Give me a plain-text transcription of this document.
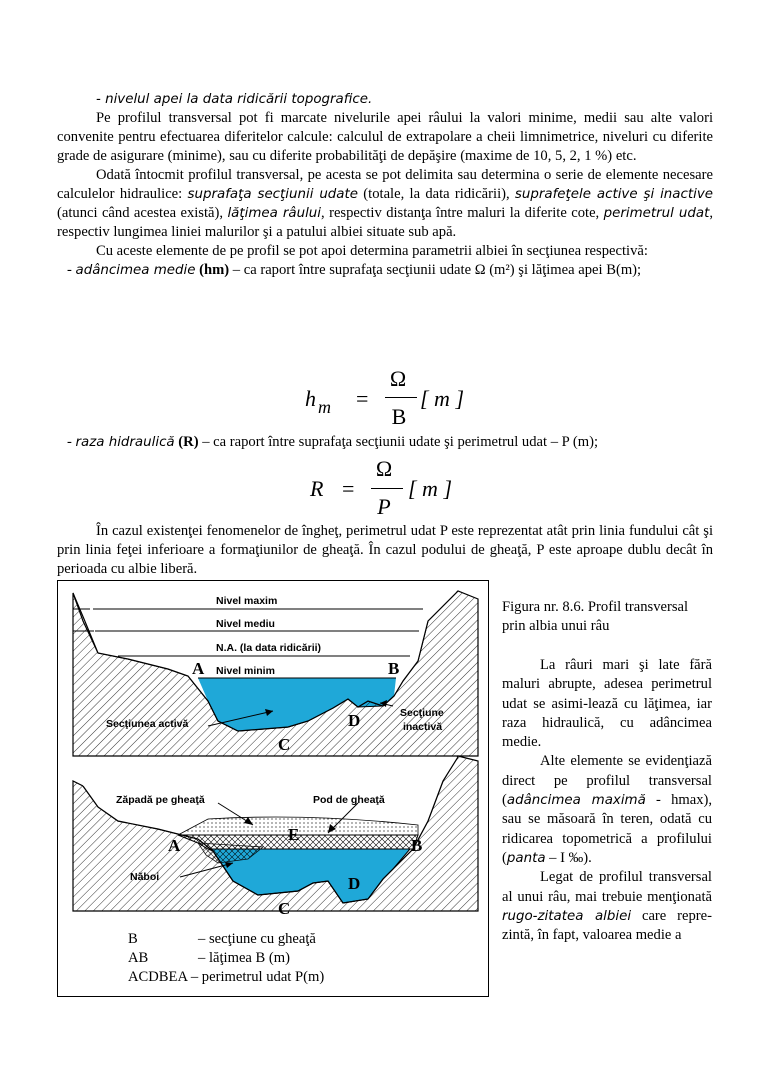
- nivelul apei la data ridicării topografice.

Pe profilul transversal pot fi marcate nivelurile apei râului la valori minime, medii sau alte valori convenite pentru efectuarea diferitelor calcule: calculul de extrapolare a cheii limnimetrice, niveluri cu diferite grade de asigurare (minime), sau cu diferite probabilităţi de depăşire (maxime de 10, 5, 2, 1 %) etc.

Odată întocmit profilul transversal, pe acesta se pot delimita sau determina o serie de elemente necesare calculelor hidraulice: suprafaţa secţiunii udate (totale, la data ridicării), suprafeţele active şi inactive (atunci când acestea există), lăţimea râului, respectiv distanţa între maluri la diferite cote, perimetrul udat, respectiv lungimea liniei malurilor şi a patului albiei situate sub apă.

Cu aceste elemente de pe profil se pot apoi determina parametrii albiei în secţiunea respectivă:

- adâncimea medie (hm) – ca raport între suprafaţa secţiunii udate Ω (m²) şi lăţimea apei B(m);

h m =
Ω
B
[ m ]

- raza hidraulică (R) – ca raport între suprafaţa secţiunii udate şi perimetrul udat – P (m);

R =
Ω
P
[ m ]

În cazul existenţei fenomenelor de îngheţ, perimetrul udat P este reprezentat atât prin linia fundului cât şi prin linia feţei inferioare a formaţiunilor de gheaţă. În cazul podului de gheaţă, P este aproape dublu decât în perioada cu albie liberă.

Nivel maxim
Nivel mediu
N.A. (la data ridicării)
Nivel minim
Secţiunea activă
Secţiune
inactivă
A	B
C
D
Zăpadă pe gheaţă	Pod de gheaţă
Năboi
A	B
C
D
E
B	– secţiune cu gheaţă
AB	– lăţimea B (m)
ACDBEA – perimetrul udat P(m)
Figura nr. 8.6. Profil transversal prin albia unui râu

La râuri mari şi late fără maluri abrupte, adesea perimetrul udat se asimi-lează cu lăţimea, iar raza hidraulică, cu adâncimea medie.

Alte elemente se evidenţiază direct pe profilul transversal (adâncimea maximă - hmax), sau se măsoară în teren, odată cu ridicarea topometrică a profilului (panta – I ‰).

Legat de profilul transversal al unui râu, mai trebuie menţionată rugo-zitatea albiei care repre-zintă, în fapt, valoarea medie a
